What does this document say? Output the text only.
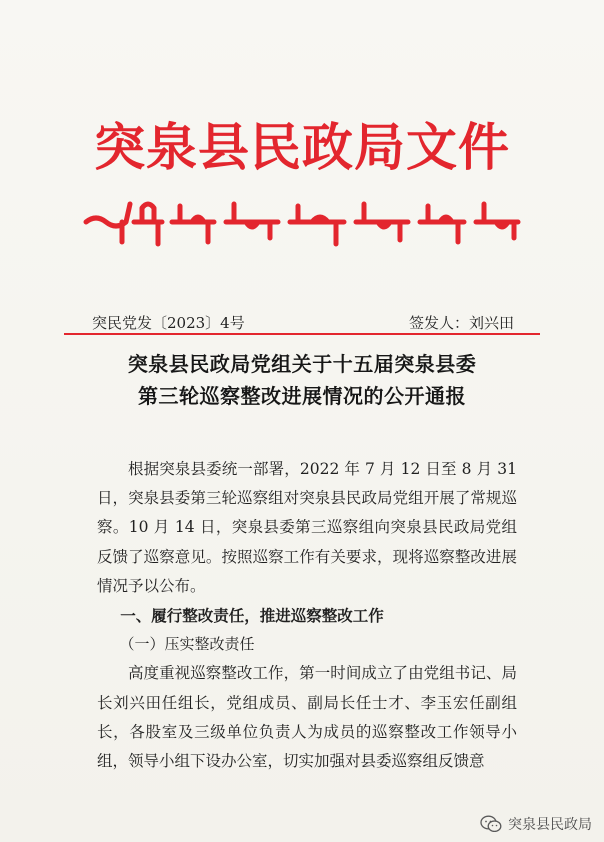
突泉县民政局文件
突民党发〔2023〕4号	签发人：刘兴田
突泉县民政局党组关于十五届突泉县委
第三轮巡察整改进展情况的公开通报

根据突泉县委统一部署，2022 年 7 月 12 日至 8 月 31 日，突泉县委第三轮巡察组对突泉县民政局党组开展了常规巡察。10 月 14 日，突泉县委第三巡察组向突泉县民政局党组反馈了巡察意见。按照巡察工作有关要求，现将巡察整改进展情况予以公布。

一、履行整改责任，推进巡察整改工作

（一）压实整改责任

高度重视巡察整改工作，第一时间成立了由党组书记、局长刘兴田任组长，党组成员、副局长任士才、李玉宏任副组长，各股室及三级单位负责人为成员的巡察整改工作领导小组，领导小组下设办公室，切实加强对县委巡察组反馈意

突泉县民政局
